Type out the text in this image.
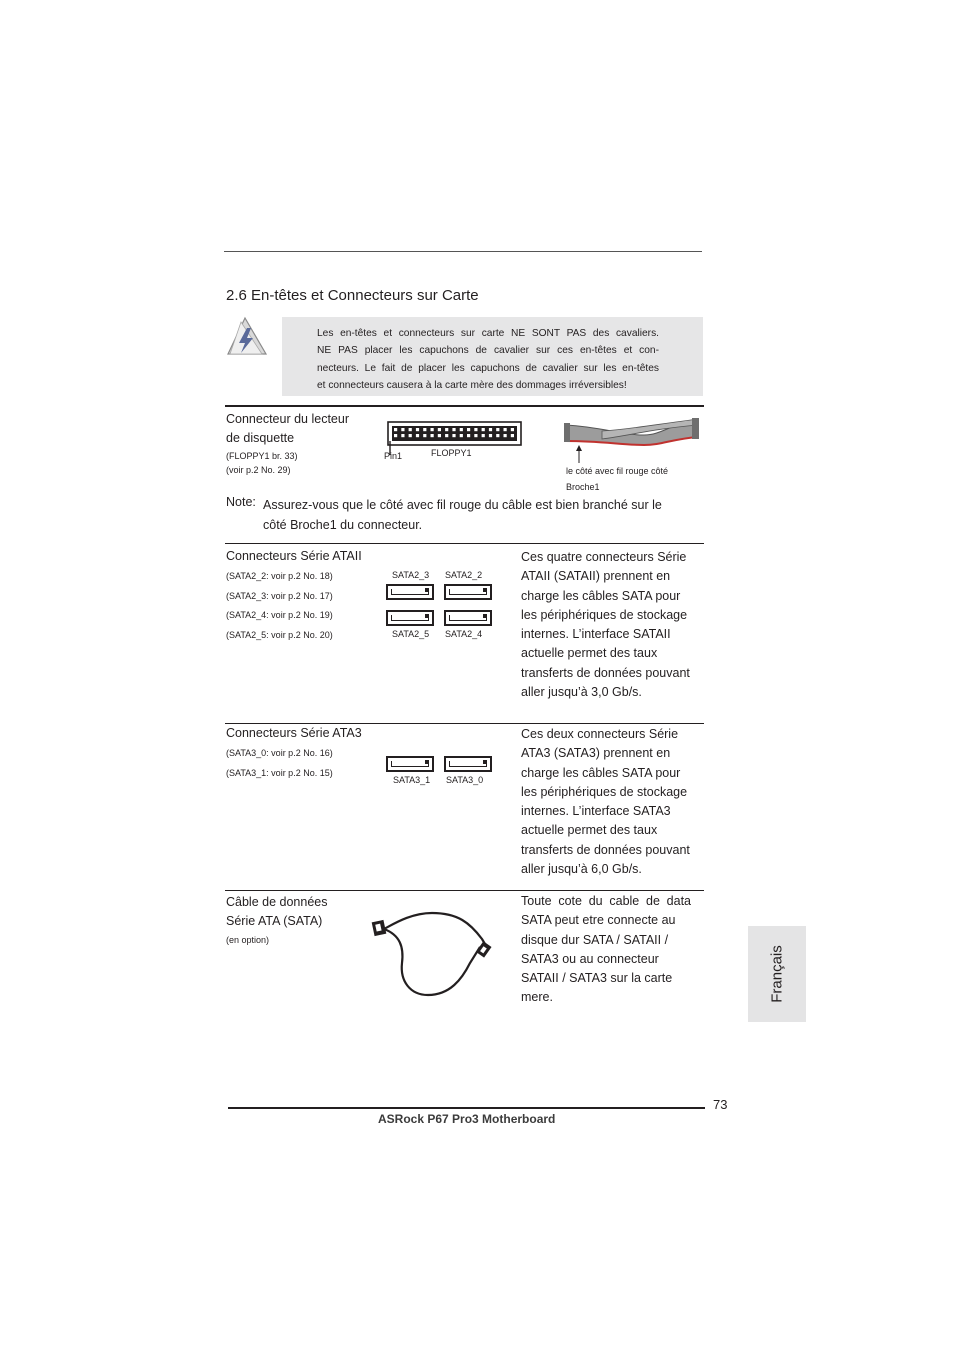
2.6 En-têtes et Connecteurs sur Carte
Les en-têtes et connecteurs sur carte NE SONT PAS des cavaliers.
NE PAS placer les capuchons de cavalier sur ces en-têtes et con-
necteurs. Le fait de placer les capuchons de cavalier sur les en-têtes
et connecteurs causera à la carte mère des dommages irréversibles!
Connecteur du lecteur
de disquette
(FLOPPY1 br. 33)
(voir p.2 No. 29)
Pin1	FLOPPY1
le côté avec fil rouge côté
Broche1
Note: Assurez-vous que le côté avec fil rouge du câble est bien branché sur le
côté Broche1 du connecteur.
Connecteurs Série ATAII
(SATA2_2: voir p.2 No. 18)
(SATA2_3: voir p.2 No. 17)
(SATA2_4: voir p.2 No. 19)
(SATA2_5: voir p.2 No. 20)
SATA2_3 SATA2_2
SATA2_5 SATA2_4
Ces quatre connecteurs Série
ATAII (SATAII) prennent en
charge les câbles SATA pour
les périphériques de stockage
internes. L’interface SATAII
actuelle permet des taux
transferts de données pouvant
aller jusqu’à 3,0 Gb/s.
Connecteurs Série ATA3
(SATA3_0: voir p.2 No. 16)
(SATA3_1: voir p.2 No. 15)
SATA3_1 SATA3_0
Ces deux connecteurs Série
ATA3 (SATA3) prennent en
charge les câbles SATA pour
les périphériques de stockage
internes. L’interface SATA3
actuelle permet des taux
transferts de données pouvant
aller jusqu’à 6,0 Gb/s.
Câble de données
Série ATA (SATA)
(en option)
Toute cote du cable de data
SATA peut etre connecte au
disque dur SATA / SATAII /
SATA3 ou au connecteur
SATAII / SATA3 sur la carte
mere.	Français
73
ASRock P67 Pro3 Motherboard
